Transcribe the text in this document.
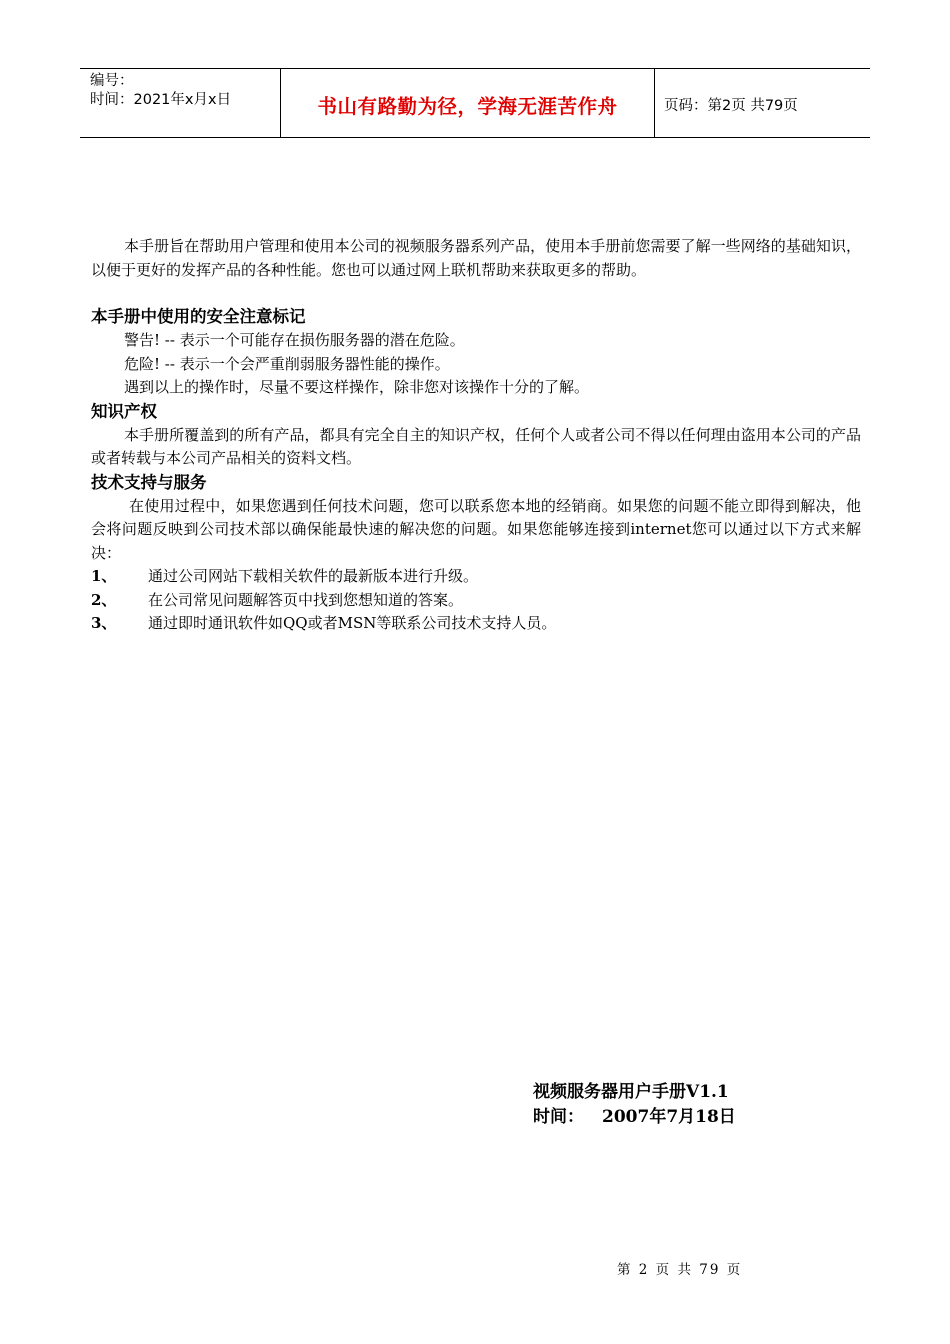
编号：
时间：2021年x月x日	书山有路勤为径，学海无涯苦作舟	页码：第2页 共79页

本手册旨在帮助用户管理和使用本公司的视频服务器系列产品，使用本手册前您需要了解一些网络的基础知识，以便于更好的发挥产品的各种性能。您也可以通过网上联机帮助来获取更多的帮助。

本手册中使用的安全注意标记

警告! -- 表示一个可能存在损伤服务器的潜在危险。

危险! -- 表示一个会严重削弱服务器性能的操作。

遇到以上的操作时，尽量不要这样操作，除非您对该操作十分的了解。

知识产权

本手册所覆盖到的所有产品，都具有完全自主的知识产权，任何个人或者公司不得以任何理由盗用本公司的产品或者转载与本公司产品相关的资料文档。

技术支持与服务

在使用过程中，如果您遇到任何技术问题，您可以联系您本地的经销商。如果您的问题不能立即得到解决，他会将问题反映到公司技术部以确保能最快速的解决您的问题。如果您能够连接到internet您可以通过以下方式来解决：

1、	通过公司网站下载相关软件的最新版本进行升级。
2、	在公司常见问题解答页中找到您想知道的答案。
3、	通过即时通讯软件如QQ或者MSN等联系公司技术支持人员。
视频服务器用户手册V1.1
时间： 2007年7月18日
第 2 页 共 79 页
